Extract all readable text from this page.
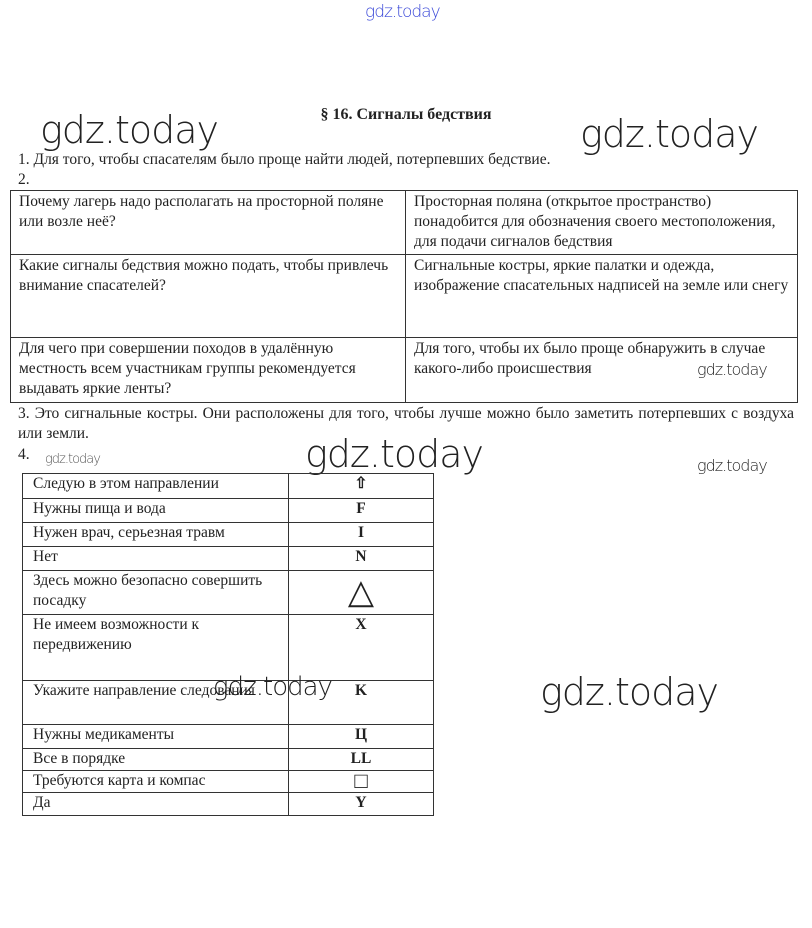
gdz.today
gdz.today	gdz.today
§ 16. Сигналы бедствия
1. Для того, чтобы спасателям было проще найти людей, потерпевших бедствие.
2.
Почему лагерь надо располагать на просторной поляне или возле неё?	Просторная поляна (открытое пространство) понадобится для обозначения своего местоположения, для подачи сигналов бедствия
Какие сигналы бедствия можно подать, чтобы привлечь внимание спасателей?	Сигнальные костры, яркие палатки и одежда, изображение спасательных надписей на земле или снегу
Для чего при совершении походов в удалённую местность всем участникам группы рекомендуется выдавать яркие ленты?	Для того, чтобы их было проще обнаружить в случае какого-либо происшествия	gdz.today
3. Это сигнальные костры. Они расположены для того, чтобы лучше можно было заметить потерпевших с воздуха или земли.	gdz.today
4. gdz.today	gdz.today
Следую в этом направлении	⇧
Нужны пища и вода	F
Нужен врач, серьезная травм	I
Нет	N
Здесь можно безопасно совершить посадку	△
Не имеем возможности к передвижению	X
Укажите направление следования	K
Нужны медикаменты	Ц
Все в порядке	LL
Требуются карта и компас	□
Да	Y
gdz.today	gdz.today
